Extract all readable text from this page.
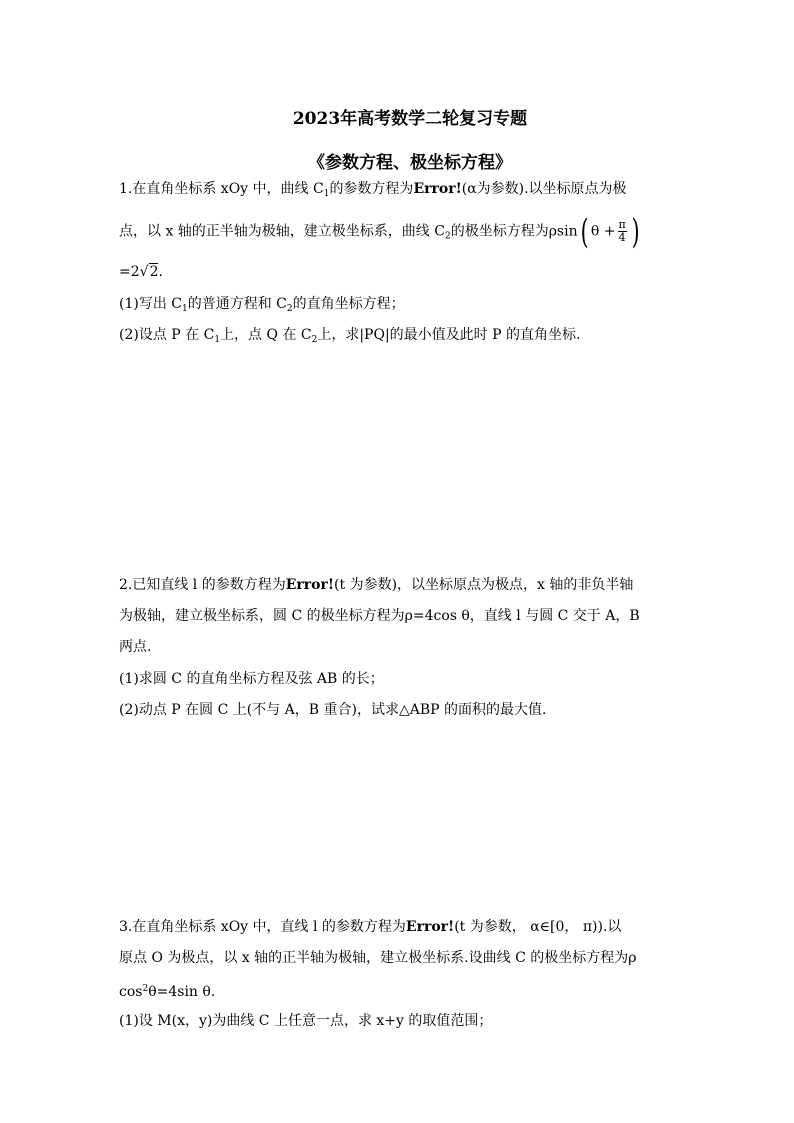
2023年高考数学二轮复习专题
《参数方程、极坐标方程》
1.在直角坐标系 xOy 中，曲线 $C_1$的参数方程为Error!(α为参数).以坐标原点为极
点，以 x 轴的正半轴为极轴，建立极坐标系，曲线 $C_2$的极坐标方程为ρsin( $\theta + \frac{\pi}{4}$ )
=2√2.
(1)写出 $C_1$的普通方程和 $C_2$的直角坐标方程；
(2)设点 P 在 $C_1$上，点 Q 在 $C_2$上，求|PQ|的最小值及此时 P 的直角坐标.
2.已知直线 l 的参数方程为Error!(t 为参数)，以坐标原点为极点，x 轴的非负半轴
为极轴，建立极坐标系，圆 C 的极坐标方程为ρ=4cos θ，直线 l 与圆 C 交于 A，B
两点.
(1)求圆 C 的直角坐标方程及弦 AB 的长；
(2)动点 P 在圆 C 上(不与 A，B 重合)，试求△ABP 的面积的最大值.
3.在直角坐标系 xOy 中，直线 l 的参数方程为Error!(t 为参数， α∈[0， π)).以
原点 O 为极点，以 x 轴的正半轴为极轴，建立极坐标系.设曲线 C 的极坐标方程为ρ
$\cos^2\theta=4\sin$ θ.
(1)设 M(x，y)为曲线 C 上任意一点，求 x+y 的取值范围；
